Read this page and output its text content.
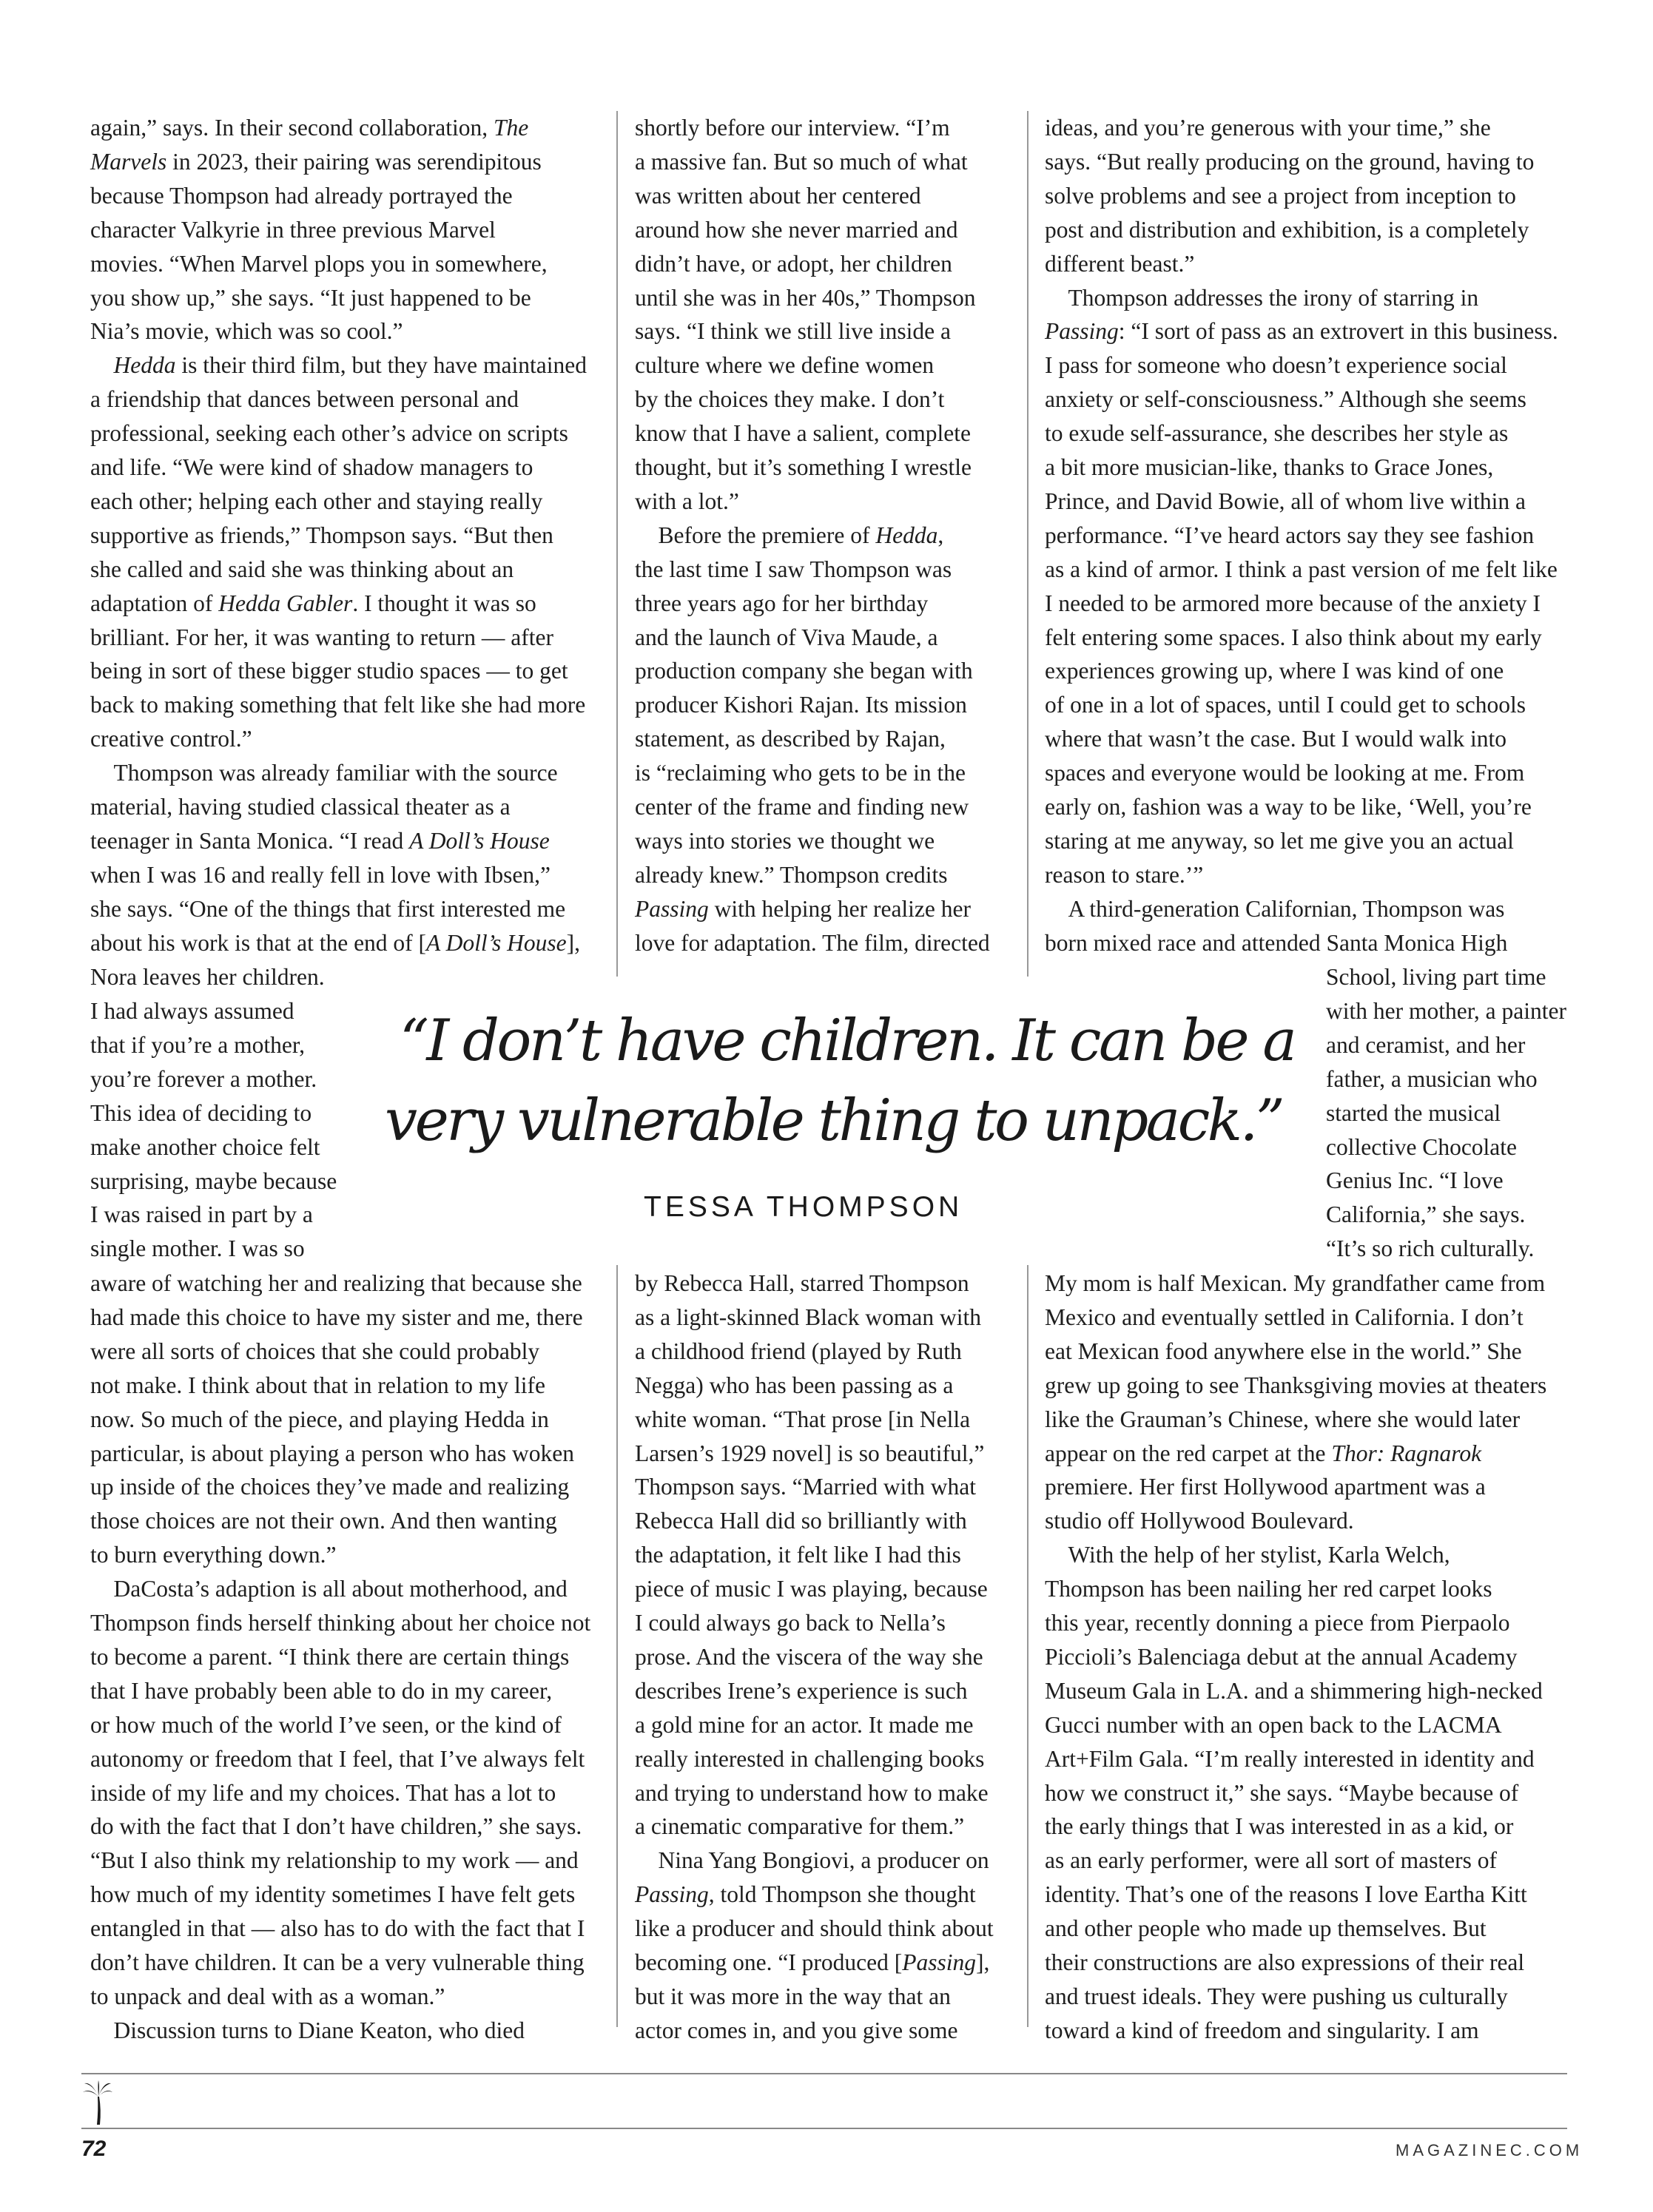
again,” says. In their second collaboration, The
Marvels in 2023, their pairing was serendipitous
because Thompson had already portrayed the
character Valkyrie in three previous Marvel
movies. “When Marvel plops you in somewhere,
you show up,” she says. “It just happened to be
Nia’s movie, which was so cool.”
Hedda is their third film, but they have maintained
a friendship that dances between personal and
professional, seeking each other’s advice on scripts
and life. “We were kind of shadow managers to
each other; helping each other and staying really
supportive as friends,” Thompson says. “But then
she called and said she was thinking about an
adaptation of Hedda Gabler. I thought it was so
brilliant. For her, it was wanting to return — after
being in sort of these bigger studio spaces — to get
back to making something that felt like she had more
creative control.”
Thompson was already familiar with the source
material, having studied classical theater as a
teenager in Santa Monica. “I read A Doll’s House
when I was 16 and really fell in love with Ibsen,”
she says. “One of the things that first interested me
about his work is that at the end of [A Doll’s House],
Nora leaves her children.
I had always assumed
that if you’re a mother,
you’re forever a mother.
This idea of deciding to
make another choice felt
surprising, maybe because
I was raised in part by a
single mother. I was so
aware of watching her and realizing that because she
had made this choice to have my sister and me, there
were all sorts of choices that she could probably
not make. I think about that in relation to my life
now. So much of the piece, and playing Hedda in
particular, is about playing a person who has woken
up inside of the choices they’ve made and realizing
those choices are not their own. And then wanting
to burn everything down.”
DaCosta’s adaption is all about motherhood, and
Thompson finds herself thinking about her choice not
to become a parent. “I think there are certain things
that I have probably been able to do in my career,
or how much of the world I’ve seen, or the kind of
autonomy or freedom that I feel, that I’ve always felt
inside of my life and my choices. That has a lot to
do with the fact that I don’t have children,” she says.
“But I also think my relationship to my work — and
how much of my identity sometimes I have felt gets
entangled in that — also has to do with the fact that I
don’t have children. It can be a very vulnerable thing
to unpack and deal with as a woman.”
Discussion turns to Diane Keaton, who died
shortly before our interview. “I’m
a massive fan. But so much of what
was written about her centered
around how she never married and
didn’t have, or adopt, her children
until she was in her 40s,” Thompson
says. “I think we still live inside a
culture where we define women
by the choices they make. I don’t
know that I have a salient, complete
thought, but it’s something I wrestle
with a lot.”
Before the premiere of Hedda,
the last time I saw Thompson was
three years ago for her birthday
and the launch of Viva Maude, a
production company she began with
producer Kishori Rajan. Its mission
statement, as described by Rajan,
is “reclaiming who gets to be in the
center of the frame and finding new
ways into stories we thought we
already knew.” Thompson credits
Passing with helping her realize her
love for adaptation. The film, directed
by Rebecca Hall, starred Thompson
as a light-skinned Black woman with
a childhood friend (played by Ruth
Negga) who has been passing as a
white woman. “That prose [in Nella
Larsen’s 1929 novel] is so beautiful,”
Thompson says. “Married with what
Rebecca Hall did so brilliantly with
the adaptation, it felt like I had this
piece of music I was playing, because
I could always go back to Nella’s
prose. And the viscera of the way she
describes Irene’s experience is such
a gold mine for an actor. It made me
really interested in challenging books
and trying to understand how to make
a cinematic comparative for them.”
Nina Yang Bongiovi, a producer on
Passing, told Thompson she thought
like a producer and should think about
becoming one. “I produced [Passing],
but it was more in the way that an
actor comes in, and you give some
ideas, and you’re generous with your time,” she
says. “But really producing on the ground, having to
solve problems and see a project from inception to
post and distribution and exhibition, is a completely
different beast.”
Thompson addresses the irony of starring in
Passing: “I sort of pass as an extrovert in this business.
I pass for someone who doesn’t experience social
anxiety or self-consciousness.” Although she seems
to exude self-assurance, she describes her style as
a bit more musician-like, thanks to Grace Jones,
Prince, and David Bowie, all of whom live within a
performance. “I’ve heard actors say they see fashion
as a kind of armor. I think a past version of me felt like
I needed to be armored more because of the anxiety I
felt entering some spaces. I also think about my early
experiences growing up, where I was kind of one
of one in a lot of spaces, until I could get to schools
where that wasn’t the case. But I would walk into
spaces and everyone would be looking at me. From
early on, fashion was a way to be like, ‘Well, you’re
staring at me anyway, so let me give you an actual
reason to stare.’”
A third-generation Californian, Thompson was
born mixed race and attended Santa Monica High
School, living part time
with her mother, a painter
and ceramist, and her
father, a musician who
started the musical
collective Chocolate
Genius Inc. “I love
California,” she says.
“It’s so rich culturally.
My mom is half Mexican. My grandfather came from
Mexico and eventually settled in California. I don’t
eat Mexican food anywhere else in the world.” She
grew up going to see Thanksgiving movies at theaters
like the Grauman’s Chinese, where she would later
appear on the red carpet at the Thor: Ragnarok
premiere. Her first Hollywood apartment was a
studio off Hollywood Boulevard.
With the help of her stylist, Karla Welch,
Thompson has been nailing her red carpet looks
this year, recently donning a piece from Pierpaolo
Piccioli’s Balenciaga debut at the annual Academy
Museum Gala in L.A. and a shimmering high-necked
Gucci number with an open back to the LACMA
Art+Film Gala. “I’m really interested in identity and
how we construct it,” she says. “Maybe because of
the early things that I was interested in as a kid, or
as an early performer, were all sort of masters of
identity. That’s one of the reasons I love Eartha Kitt
and other people who made up themselves. But
their constructions are also expressions of their real
and truest ideals. They were pushing us culturally
toward a kind of freedom and singularity. I am
“I don’t have children. It can be a
very vulnerable thing to unpack.”
TESSA THOMPSON
72	MAGAZINEC.COM
